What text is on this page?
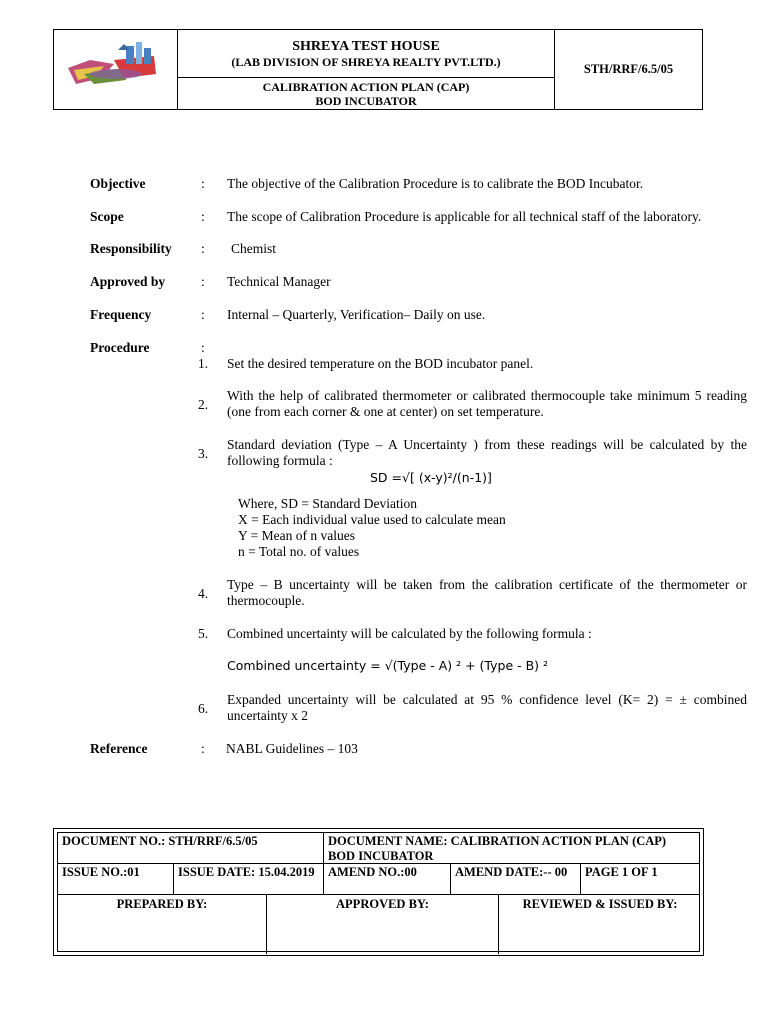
SHREYA TEST HOUSE
(LAB DIVISION OF SHREYA REALTY PVT.LTD.)
CALIBRATION ACTION PLAN (CAP)
BOD INCUBATOR
STH/RRF/6.5/05
Objective	: The objective of the Calibration Procedure is to calibrate the BOD Incubator.
Scope	: The scope of Calibration Procedure is applicable for all technical staff of the laboratory.
Responsibility : Chemist
Approved by	: Technical Manager
Frequency	: Internal – Quarterly, Verification– Daily on use.
Procedure	:
1. Set the desired temperature on the BOD incubator panel.
2.
With the help of calibrated thermometer or calibrated thermocouple take minimum 5 reading (one from each corner & one at center) on set temperature.
3.
Standard deviation (Type – A Uncertainty ) from these readings will be calculated by the following formula :
SD =√[ (x-y)²/(n-1)]
Where, SD = Standard Deviation
X = Each individual value used to calculate mean
Y = Mean of n values
n = Total no. of values
4.
Type – B uncertainty will be taken from the calibration certificate of the thermometer or thermocouple.
5. Combined uncertainty will be calculated by the following formula :
Combined uncertainty = √(Type - A) ² + (Type - B) ²
6.
Expanded uncertainty will be calculated at 95 % confidence level (K= 2) = ± combined uncertainty x 2
Reference	: NABL Guidelines – 103
DOCUMENT NO.: STH/RRF/6.5/05	DOCUMENT NAME: CALIBRATION ACTION PLAN (CAP)
BOD INCUBATOR
ISSUE NO.:01	ISSUE DATE: 15.04.2019	AMEND NO.:00	AMEND DATE:-- 00	PAGE 1 OF 1
PREPARED BY:	APPROVED BY:	REVIEWED & ISSUED BY:
